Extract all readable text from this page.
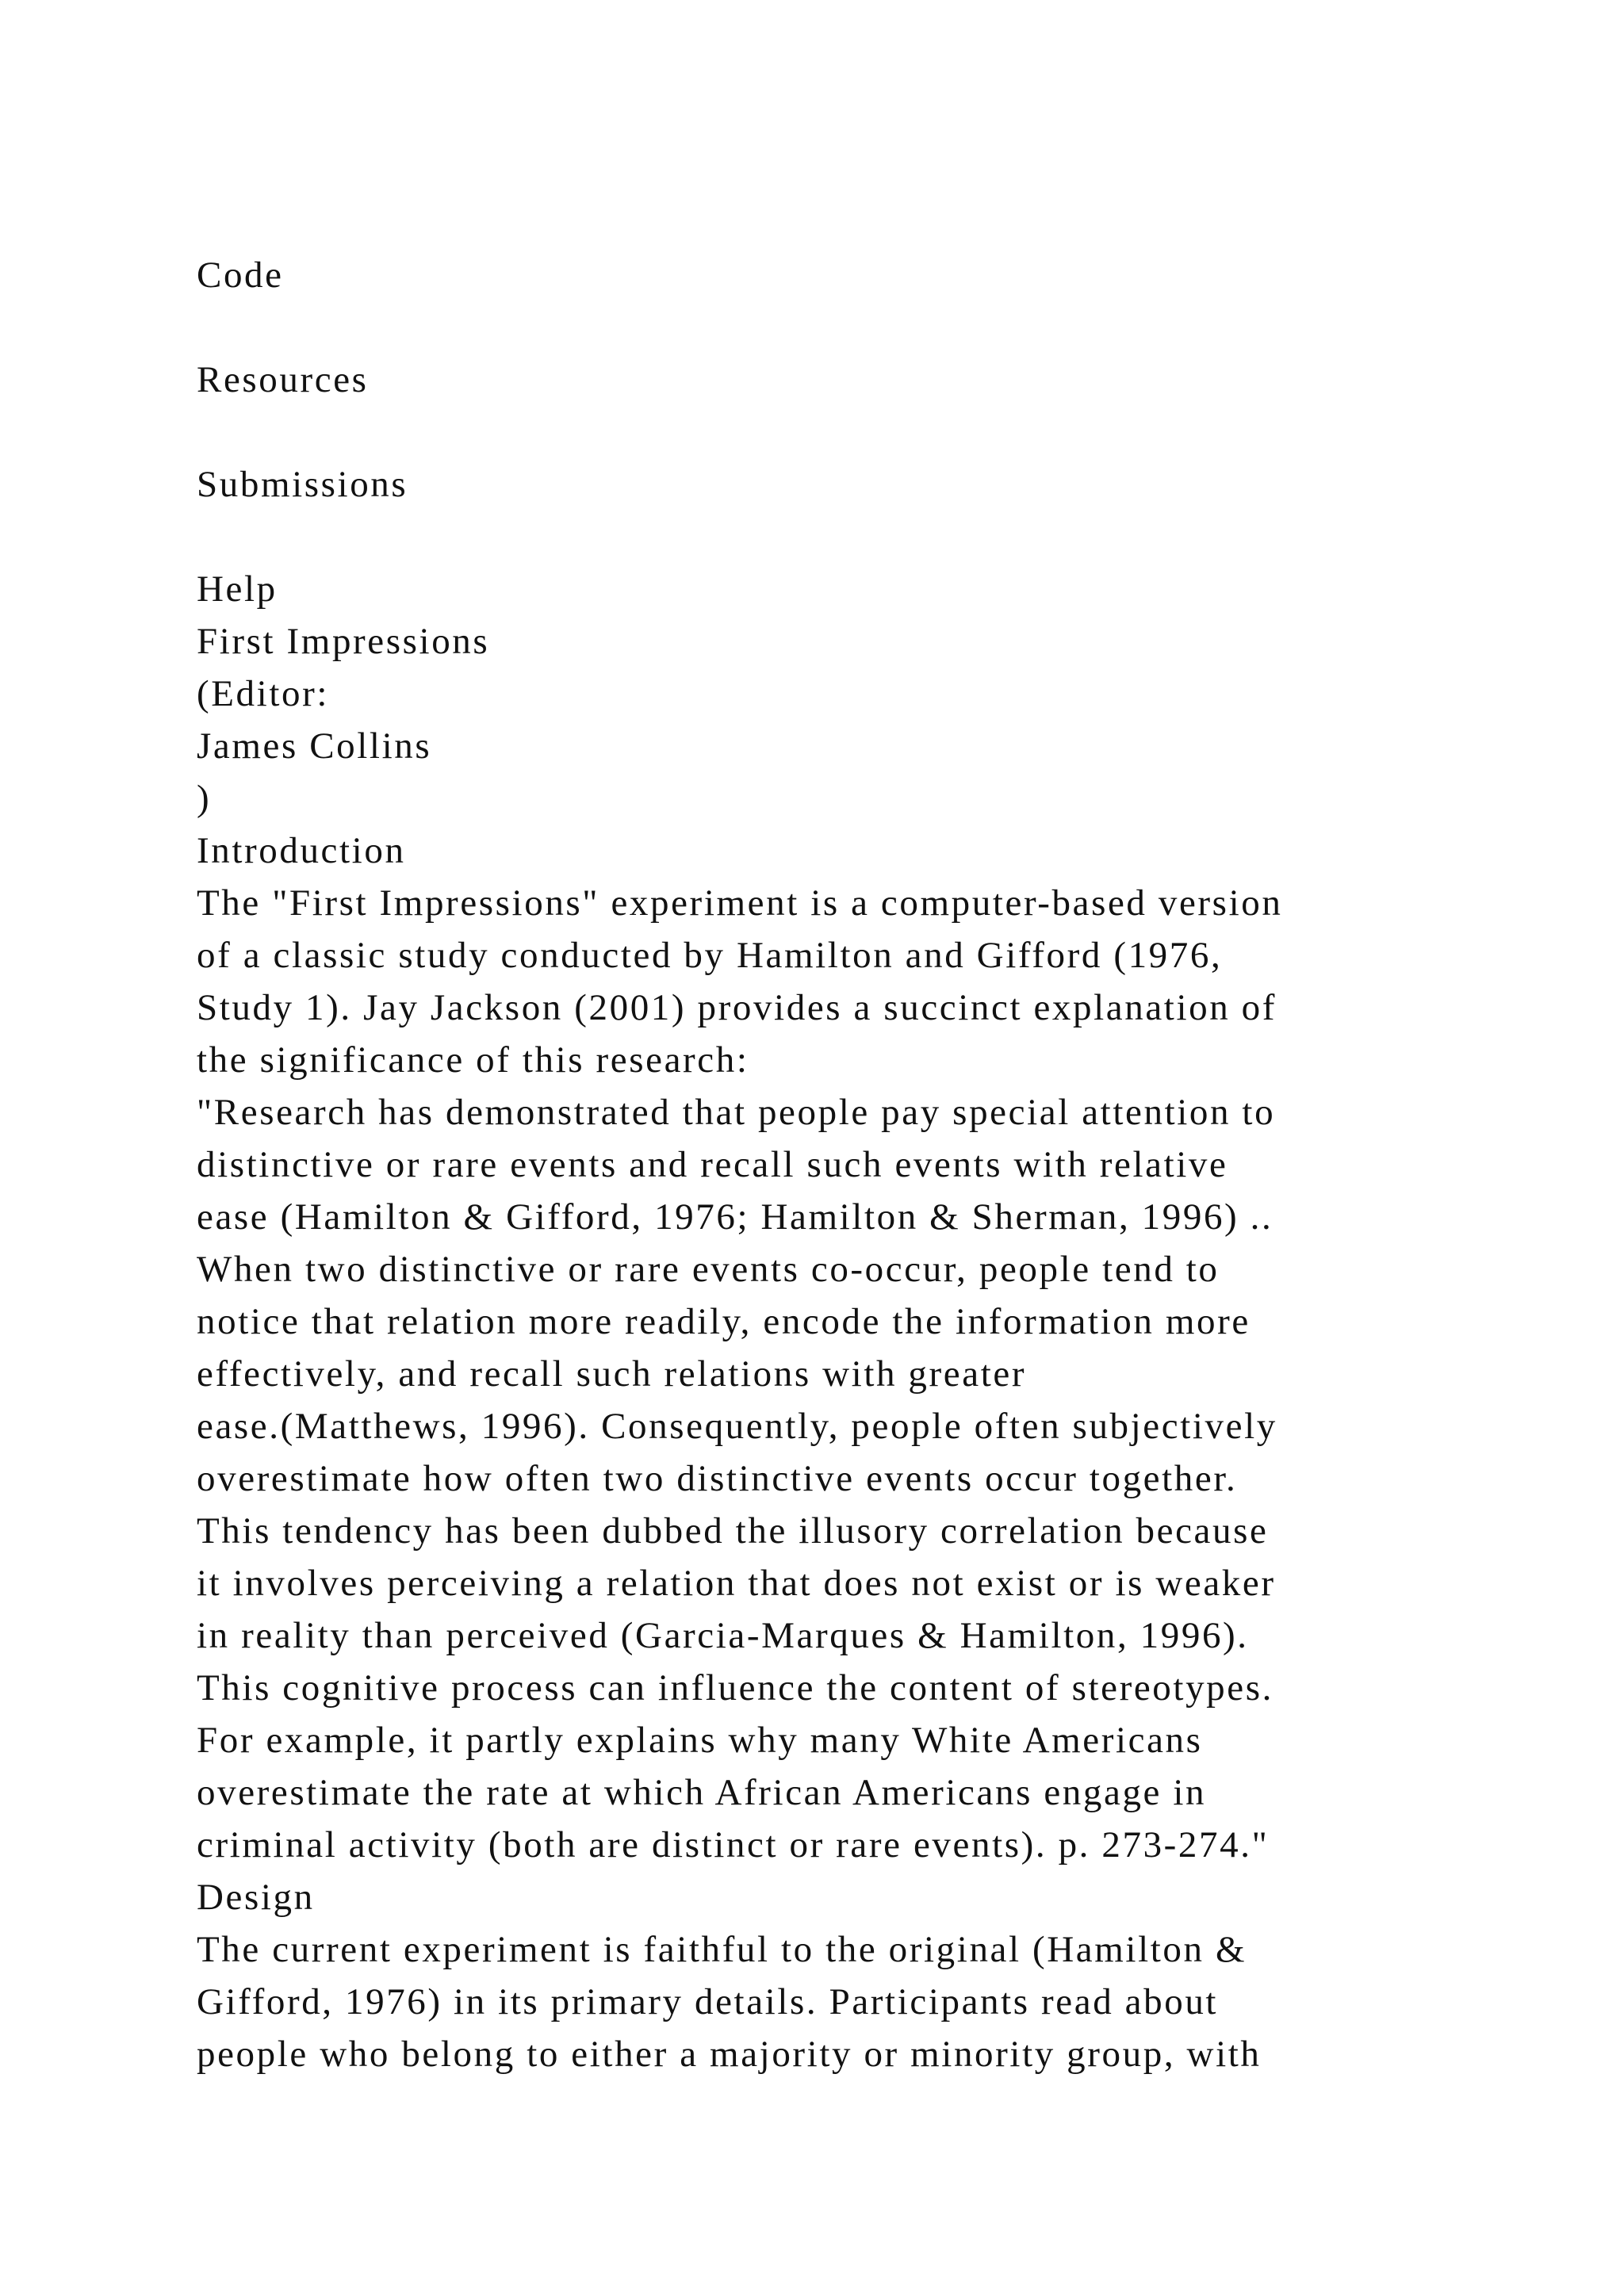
Code
Resources
Submissions
Help
First Impressions
(Editor:
James Collins
)
Introduction
The "First Impressions" experiment is a computer-based version
of a classic study conducted by Hamilton and Gifford (1976,
Study 1). Jay Jackson (2001) provides a succinct explanation of
the significance of this research:
"Research has demonstrated that people pay special attention to
distinctive or rare events and recall such events with relative
ease (Hamilton & Gifford, 1976; Hamilton & Sherman, 1996) ..
When two distinctive or rare events co-occur, people tend to
notice that relation more readily, encode the information more
effectively, and recall such relations with greater
ease.(Matthews, 1996). Consequently, people often subjectively
overestimate how often two distinctive events occur together.
This tendency has been dubbed the illusory correlation because
it involves perceiving a relation that does not exist or is weaker
in reality than perceived (Garcia-Marques & Hamilton, 1996).
This cognitive process can influence the content of stereotypes.
For example, it partly explains why many White Americans
overestimate the rate at which African Americans engage in
criminal activity (both are distinct or rare events). p. 273-274."
Design
The current experiment is faithful to the original (Hamilton &
Gifford, 1976) in its primary details. Participants read about
people who belong to either a majority or minority group, with
